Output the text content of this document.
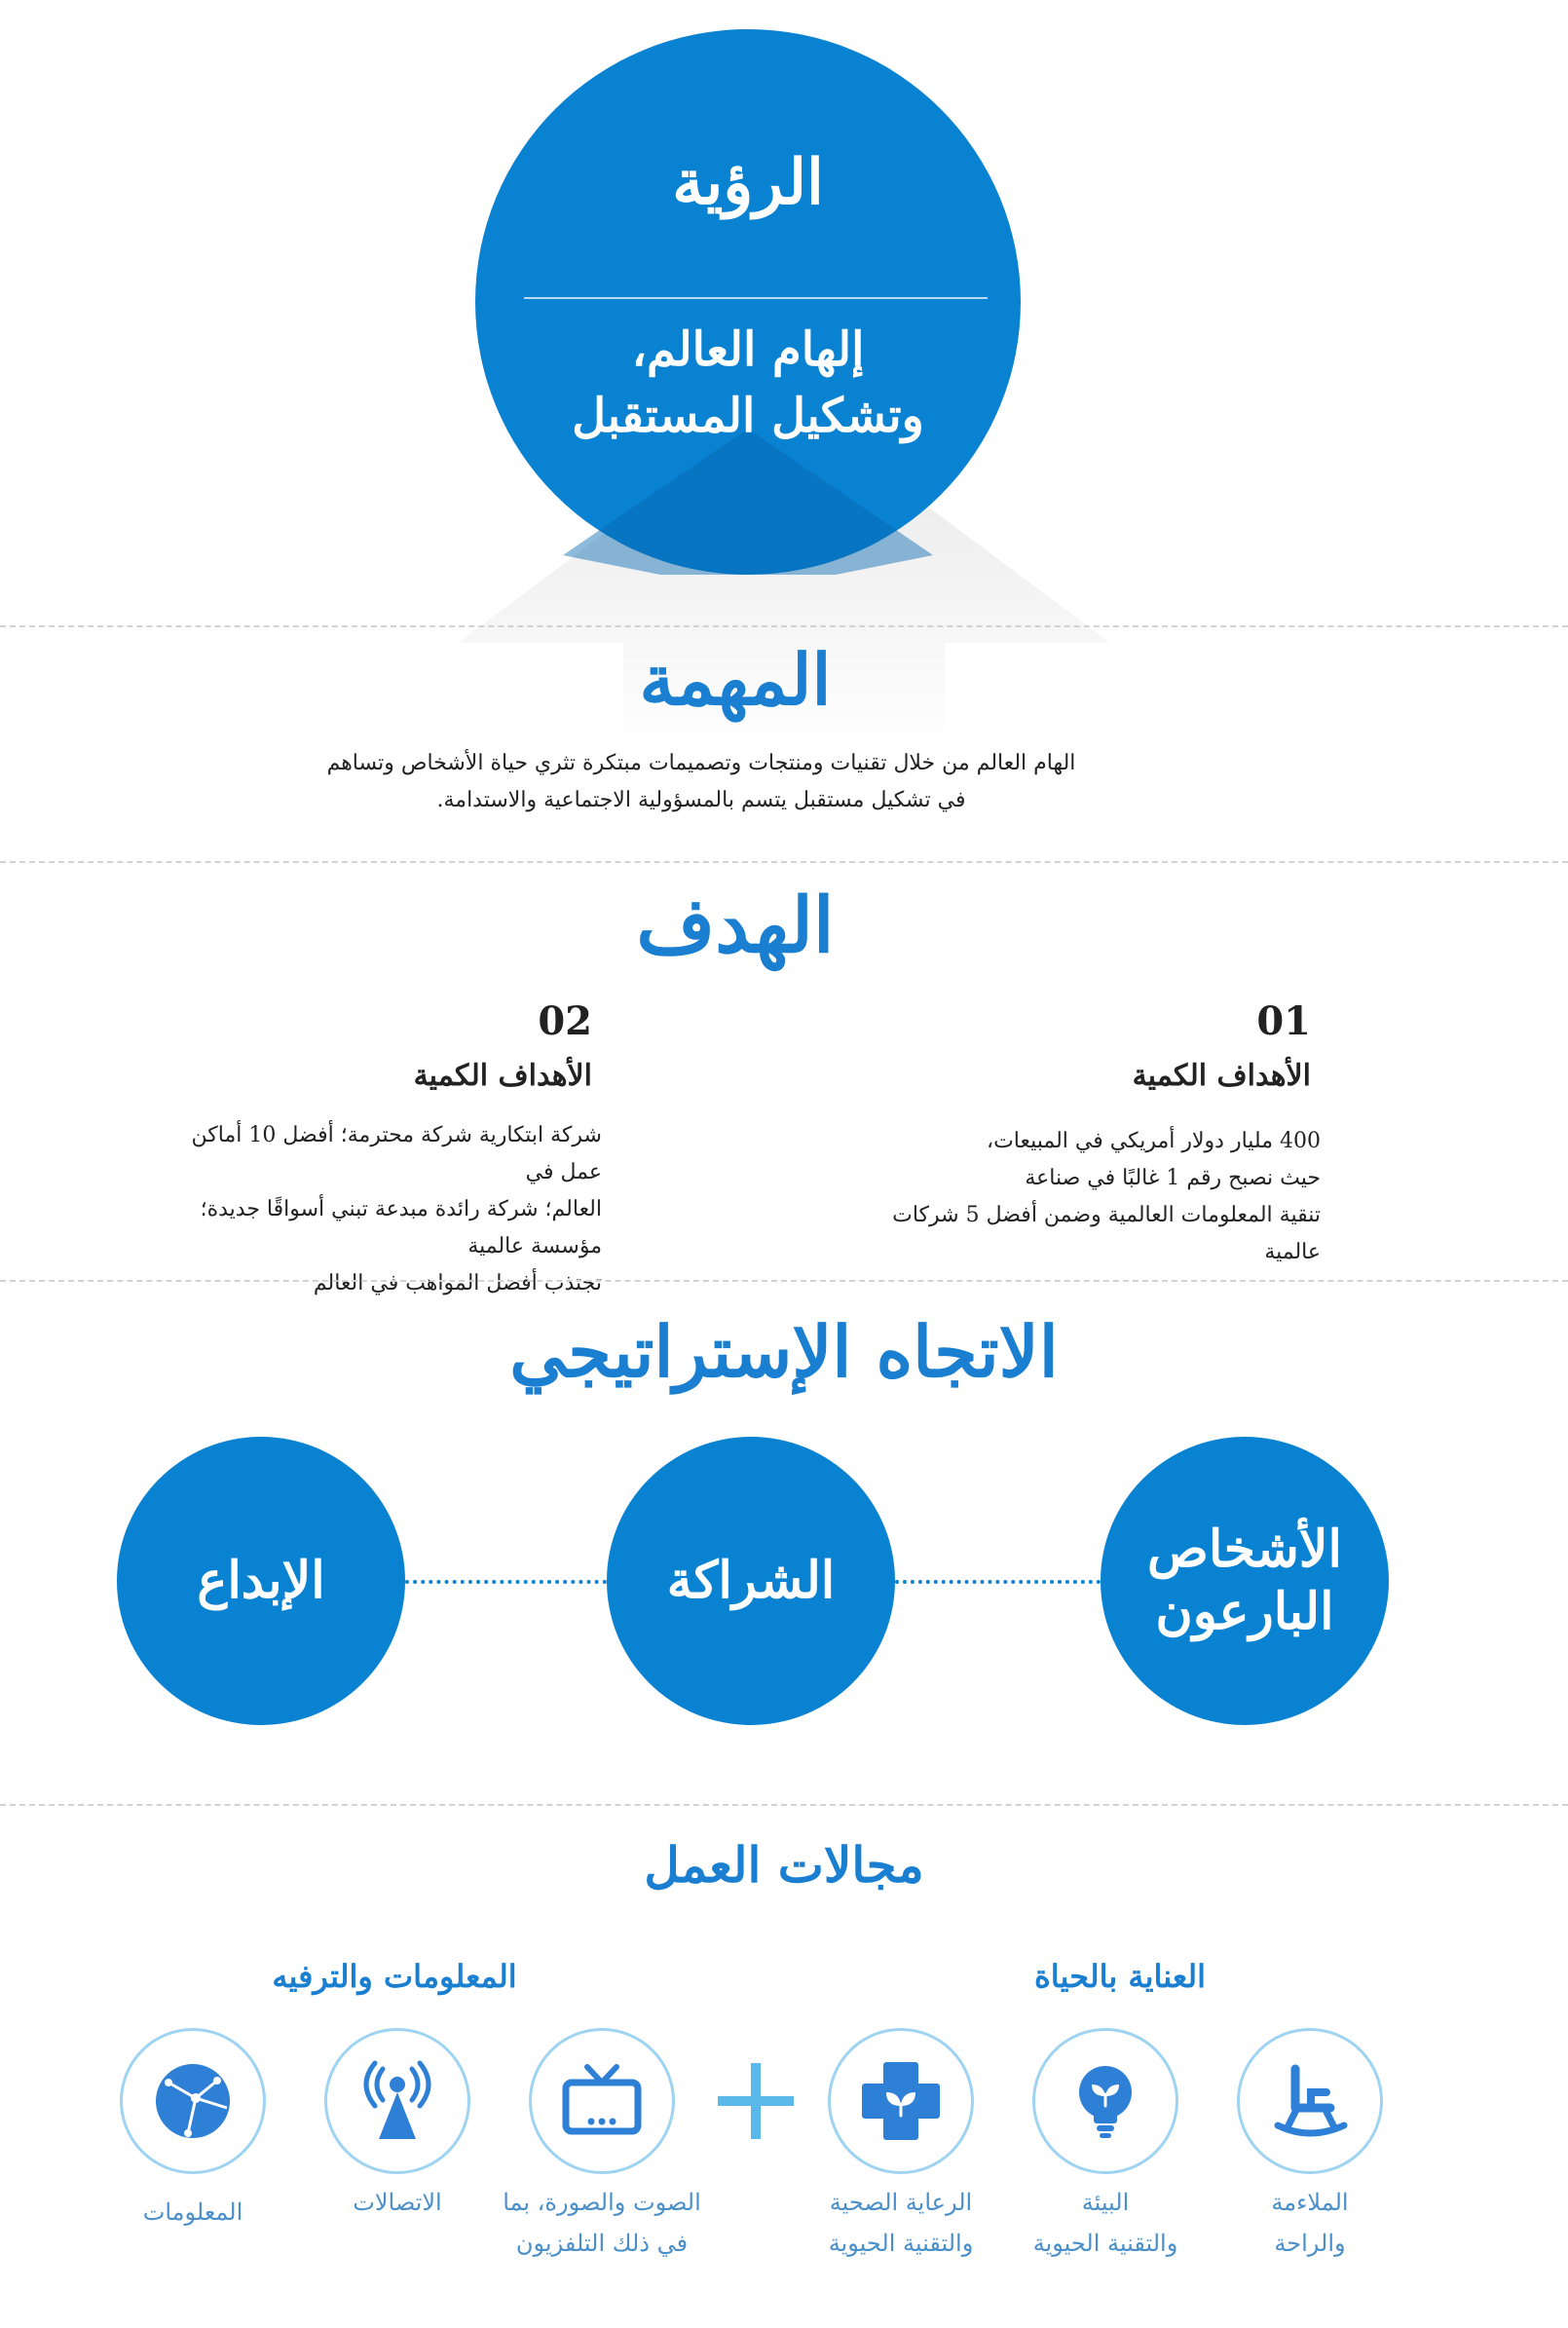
الرؤية
إلهام العالم،
وتشكيل المستقبل
المهمة
الهام العالم من خلال تقنيات ومنتجات وتصميمات مبتكرة تثري حياة الأشخاص وتساهم
في تشكيل مستقبل يتسم بالمسؤولية الاجتماعية والاستدامة.
الهدف
01
الأهداف الكمية
400 مليار دولار أمريكي في المبيعات،
حيث نصبح رقم 1 غالبًا في صناعة
تنقية المعلومات العالمية وضمن أفضل 5 شركات عالمية
02
الأهداف الكمية
شركة ابتكارية شركة محترمة؛ أفضل 10 أماكن عمل في
العالم؛ شركة رائدة مبدعة تبني أسواقًا جديدة؛ مؤسسة عالمية
تجتذب أفضل المواهب في العالم
الاتجاه الإستراتيجي
الأشخاص
البارعون
الشراكة
الإبداع
مجالات العمل
العناية بالحياة
المعلومات والترفيه
الملاءمة
والراحة
البيئة
والتقنية الحيوية
الرعاية الصحية
والتقنية الحيوية
الصوت والصورة، بما
في ذلك التلفزيون
الاتصالات
المعلومات
